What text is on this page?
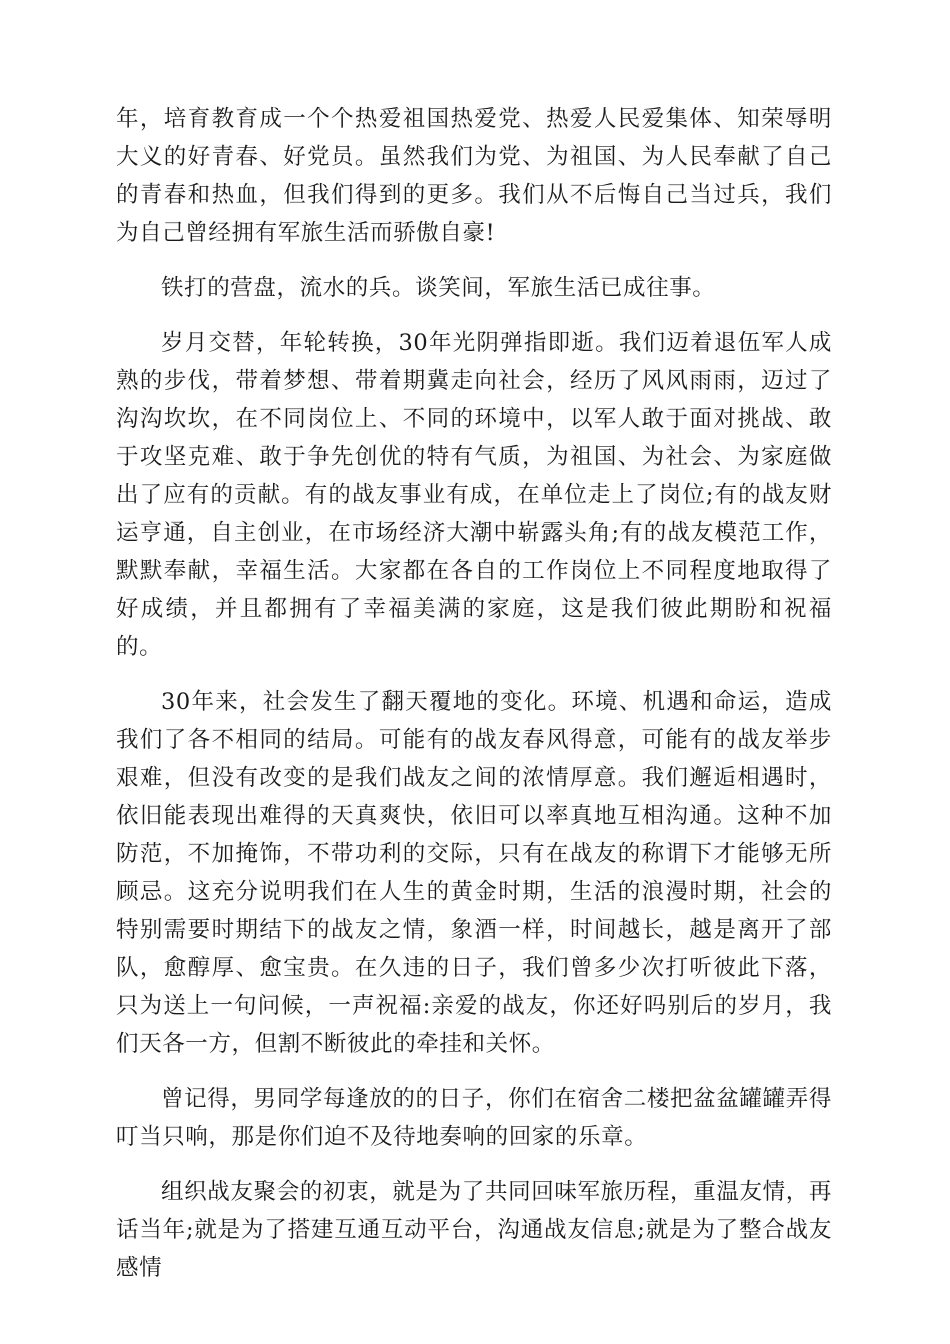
年，培育教育成一个个热爱祖国热爱党、热爱人民爱集体、知荣辱明大义的好青春、好党员。虽然我们为党、为祖国、为人民奉献了自己的青春和热血，但我们得到的更多。我们从不后悔自己当过兵，我们为自己曾经拥有军旅生活而骄傲自豪!

铁打的营盘，流水的兵。谈笑间，军旅生活已成往事。

岁月交替，年轮转换，30年光阴弹指即逝。我们迈着退伍军人成熟的步伐，带着梦想、带着期冀走向社会，经历了风风雨雨，迈过了沟沟坎坎，在不同岗位上、不同的环境中，以军人敢于面对挑战、敢于攻坚克难、敢于争先创优的特有气质，为祖国、为社会、为家庭做出了应有的贡献。有的战友事业有成，在单位走上了岗位;有的战友财运亨通，自主创业，在市场经济大潮中崭露头角;有的战友模范工作，默默奉献，幸福生活。大家都在各自的工作岗位上不同程度地取得了好成绩，并且都拥有了幸福美满的家庭，这是我们彼此期盼和祝福的。

30年来，社会发生了翻天覆地的变化。环境、机遇和命运，造成我们了各不相同的结局。可能有的战友春风得意，可能有的战友举步艰难，但没有改变的是我们战友之间的浓情厚意。我们邂逅相遇时，依旧能表现出难得的天真爽快，依旧可以率真地互相沟通。这种不加防范，不加掩饰，不带功利的交际，只有在战友的称谓下才能够无所顾忌。这充分说明我们在人生的黄金时期，生活的浪漫时期，社会的特别需要时期结下的战友之情，象酒一样，时间越长，越是离开了部队，愈醇厚、愈宝贵。在久违的日子，我们曾多少次打听彼此下落，只为送上一句问候，一声祝福:亲爱的战友，你还好吗别后的岁月，我们天各一方，但割不断彼此的牵挂和关怀。

曾记得，男同学每逢放的的日子，你们在宿舍二楼把盆盆罐罐弄得叮当只响，那是你们迫不及待地奏响的回家的乐章。

组织战友聚会的初衷，就是为了共同回味军旅历程，重温友情，再话当年;就是为了搭建互通互动平台，沟通战友信息;就是为了整合战友感情
